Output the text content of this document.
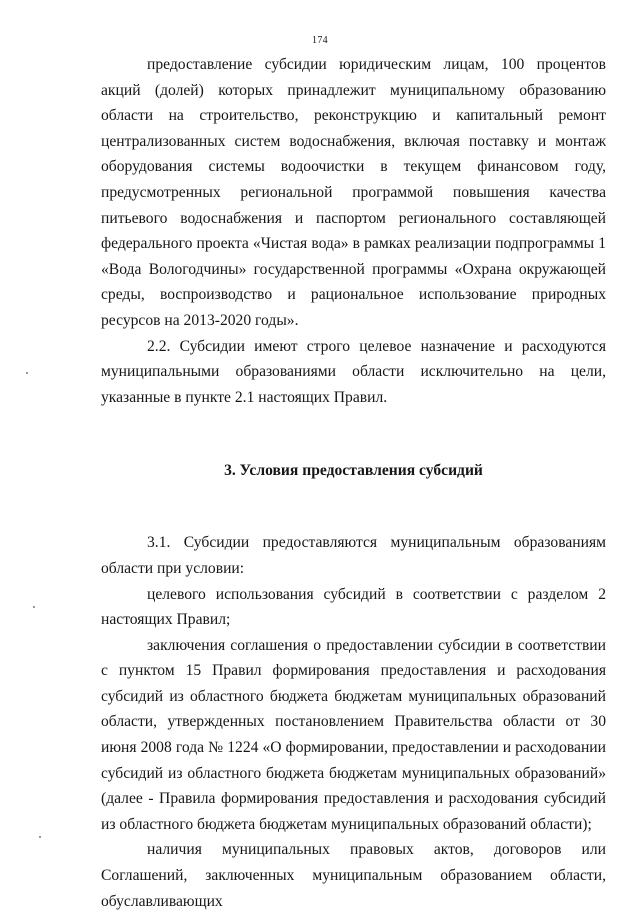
174

предоставление субсидии юридическим лицам, 100 процентов акций (долей) которых принадлежит муниципальному образованию области на строительство, реконструкцию и капитальный ремонт централизованных систем водоснабжения, включая поставку и монтаж оборудования системы водоочистки в текущем финансовом году, предусмотренных региональной программой повышения качества питьевого водоснабжения и паспортом регионального составляющей федерального проекта «Чистая вода» в рамках реализации подпрограммы 1 «Вода Вологодчины» государственной программы «Охрана окружающей среды, воспроизводство и рациональное использование природных ресурсов на 2013-2020 годы».

2.2. Субсидии имеют строго целевое назначение и расходуются муниципальными образованиями области исключительно на цели, указанные в пункте 2.1 настоящих Правил.

3. Условия предоставления субсидий

3.1. Субсидии предоставляются муниципальным образованиям области при условии:

целевого использования субсидий в соответствии с разделом 2 настоящих Правил;

заключения соглашения о предоставлении субсидии в соответствии с пунктом 15 Правил формирования предоставления и расходования субсидий из областного бюджета бюджетам муниципальных образований области, утвержденных постановлением Правительства области от 30 июня 2008 года № 1224 «О формировании, предоставлении и расходовании субсидий из областного бюджета бюджетам муниципальных образований» (далее - Правила формирования предоставления и расходования субсидий из областного бюджета бюджетам муниципальных образований области);

наличия муниципальных правовых актов, договоров или Соглашений, заключенных муниципальным образованием области, обуславливающих
